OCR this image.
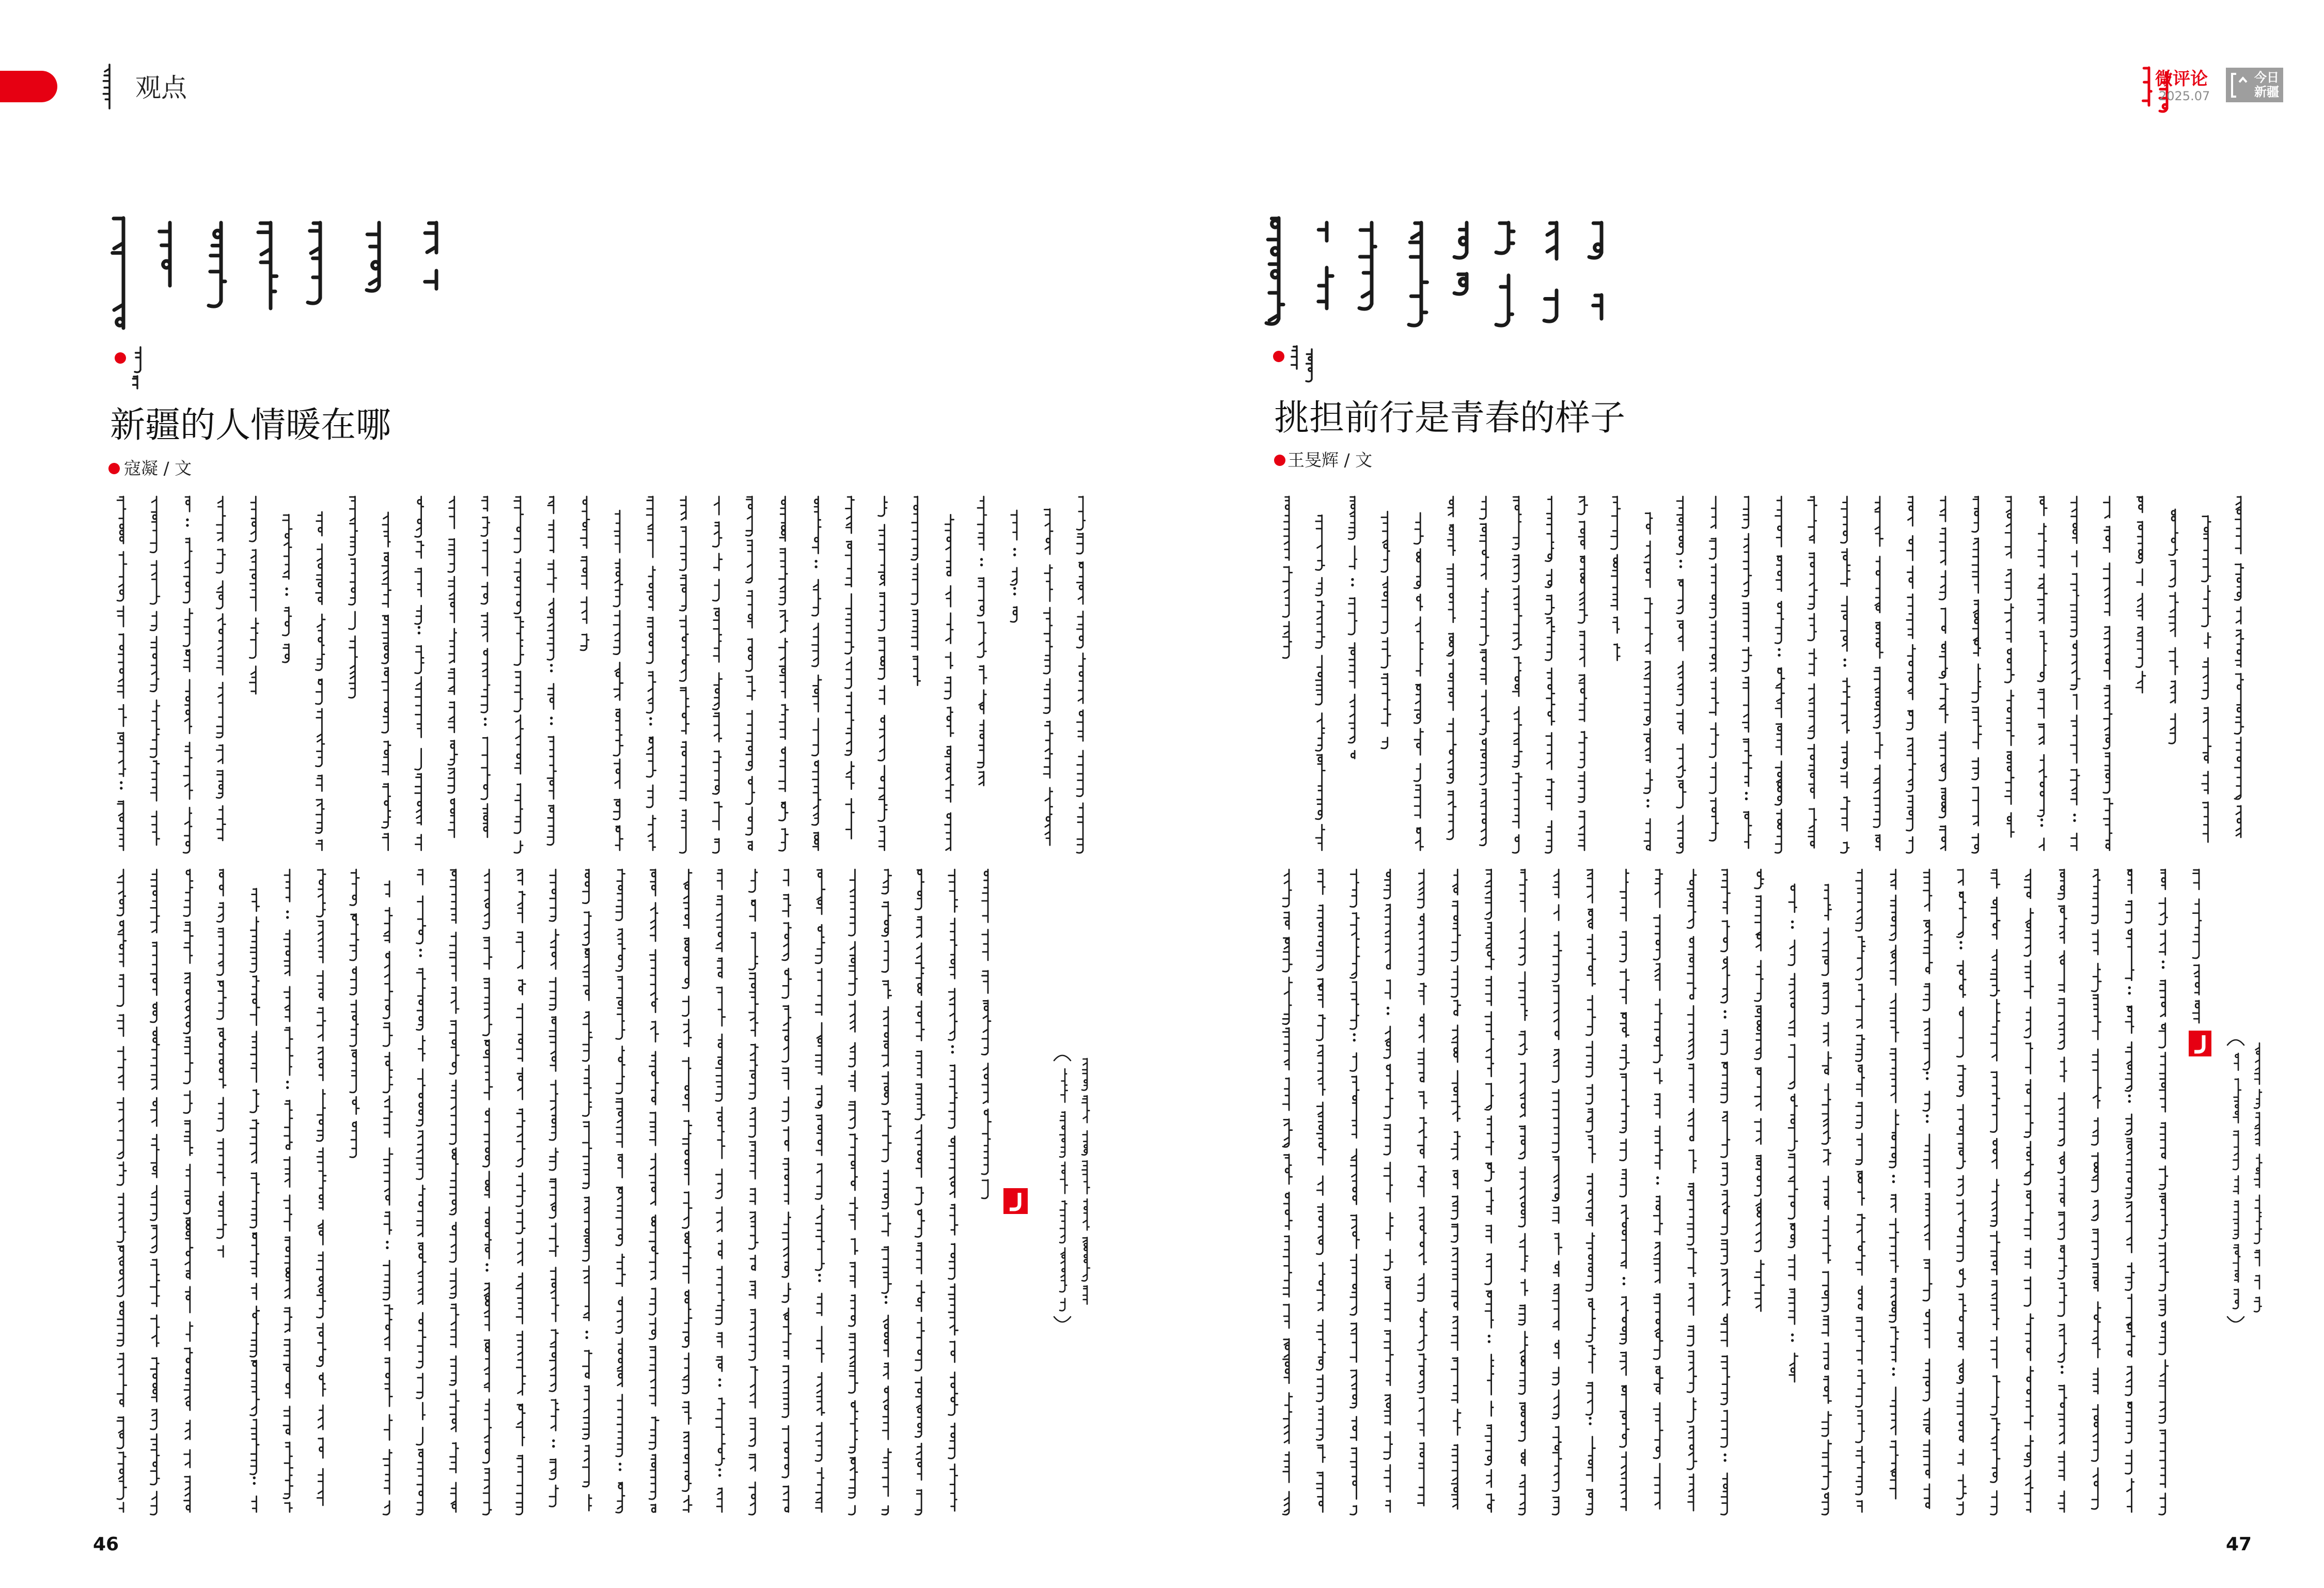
观点
新疆的人情暖在哪
寇凝 / 文
46
微评论
2025.07
今日
新疆
挑担前行是青春的样子
王旻辉 / 文
47
